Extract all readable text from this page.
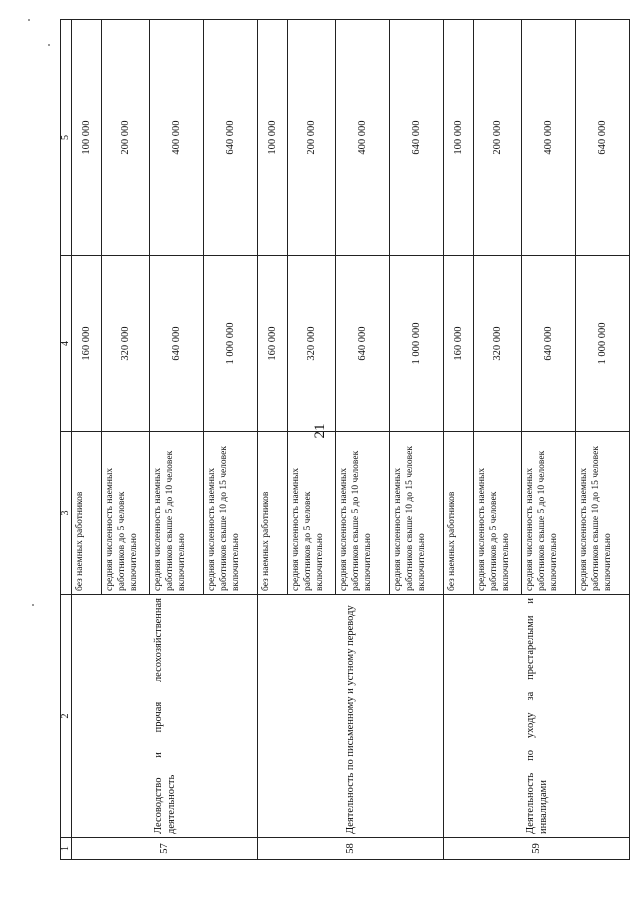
21
1	2	3	4	5
57	Лесоводство и прочая лесохозяйственная деятельность	без наемных работников	160 000	100 000
		средняя численность наемных работников до 5 человек включительно	320 000	200 000
		средняя численность наемных работников свыше 5 до 10 человек включительно	640 000	400 000
		средняя численность наемных работников свыше 10 до 15 человек включительно	1 000 000	640 000
58	Деятельность по письменному и устному переводу	без наемных работников	160 000	100 000
		средняя численность наемных работников до 5 человек включительно	320 000	200 000
		средняя численность наемных работников свыше 5 до 10 человек включительно	640 000	400 000
		средняя численность наемных работников свыше 10 до 15 человек включительно	1 000 000	640 000
59	Деятельность по уходу за престарелыми и инвалидами	без наемных работников	160 000	100 000
		средняя численность наемных работников до 5 человек включительно	320 000	200 000
		средняя численность наемных работников свыше 5 до 10 человек включительно	640 000	400 000
		средняя численность наемных работников свыше 10 до 15 человек включительно	1 000 000	640 000
